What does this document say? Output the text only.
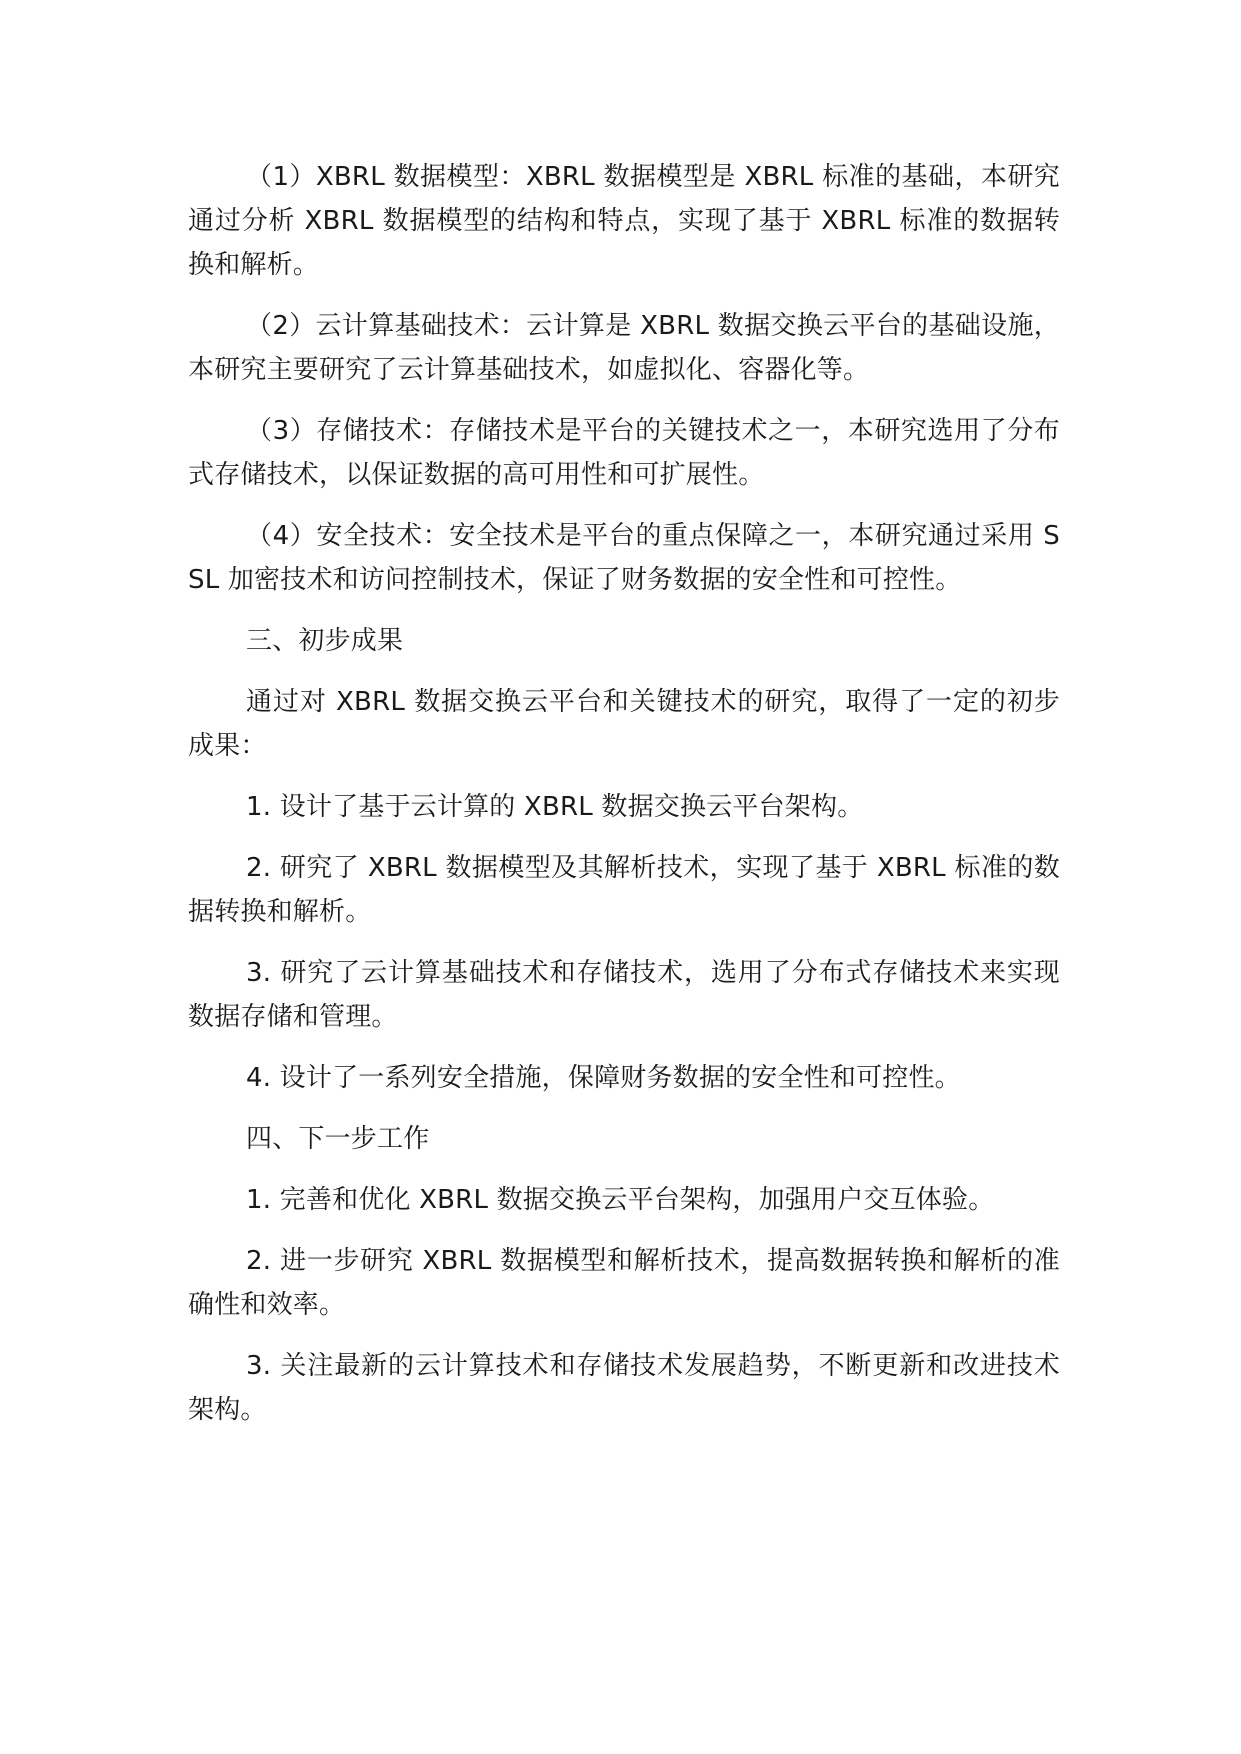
（1）XBRL 数据模型：XBRL 数据模型是 XBRL 标准的基础，本研究通过分析 XBRL 数据模型的结构和特点，实现了基于 XBRL 标准的数据转换和解析。

（2）云计算基础技术：云计算是 XBRL 数据交换云平台的基础设施，本研究主要研究了云计算基础技术，如虚拟化、容器化等。

（3）存储技术：存储技术是平台的关键技术之一，本研究选用了分布式存储技术，以保证数据的高可用性和可扩展性。

（4）安全技术：安全技术是平台的重点保障之一，本研究通过采用 SSL 加密技术和访问控制技术，保证了财务数据的安全性和可控性。

三、初步成果

通过对 XBRL 数据交换云平台和关键技术的研究，取得了一定的初步成果：

1. 设计了基于云计算的 XBRL 数据交换云平台架构。

2. 研究了 XBRL 数据模型及其解析技术，实现了基于 XBRL 标准的数据转换和解析。

3. 研究了云计算基础技术和存储技术，选用了分布式存储技术来实现数据存储和管理。

4. 设计了一系列安全措施，保障财务数据的安全性和可控性。

四、下一步工作

1. 完善和优化 XBRL 数据交换云平台架构，加强用户交互体验。

2. 进一步研究 XBRL 数据模型和解析技术，提高数据转换和解析的准确性和效率。

3. 关注最新的云计算技术和存储技术发展趋势，不断更新和改进技术架构。
